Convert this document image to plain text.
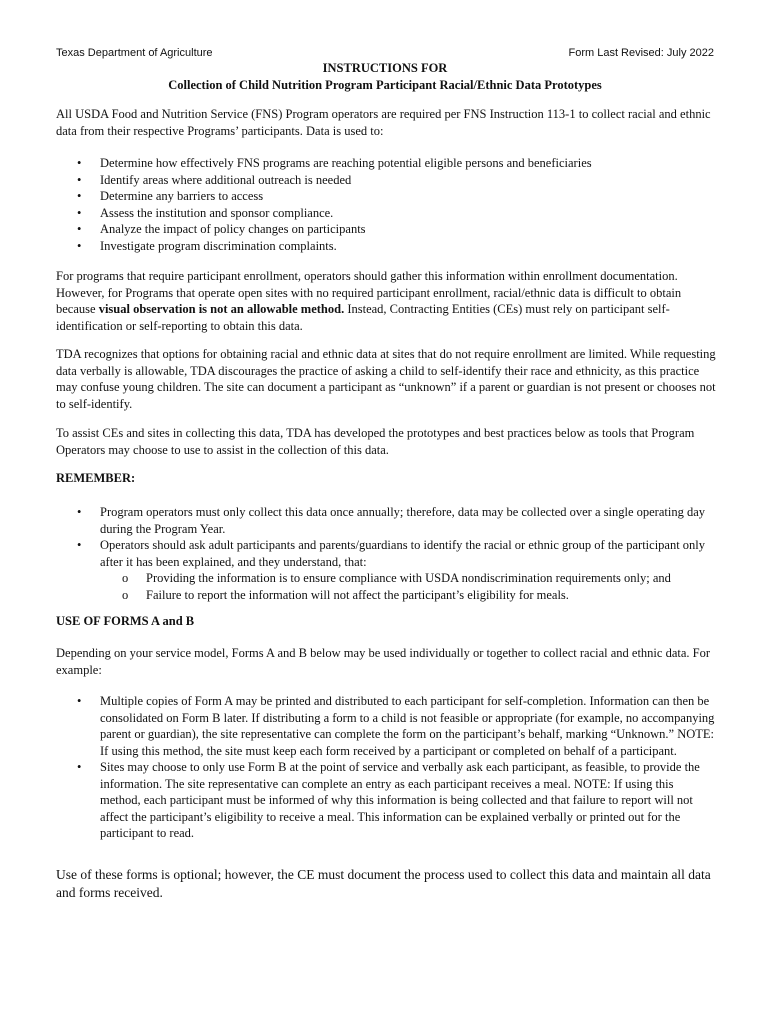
Texas Department of Agriculture	Form Last Revised: July 2022
INSTRUCTIONS FOR
Collection of Child Nutrition Program Participant Racial/Ethnic Data Prototypes

All USDA Food and Nutrition Service (FNS) Program operators are required per FNS Instruction 113-1 to collect racial and ethnic data from their respective Programs’ participants. Data is used to:

• Determine how effectively FNS programs are reaching potential eligible persons and beneficiaries
• Identify areas where additional outreach is needed
• Determine any barriers to access
• Assess the institution and sponsor compliance.
• Analyze the impact of policy changes on participants
• Investigate program discrimination complaints.

For programs that require participant enrollment, operators should gather this information within enrollment documentation. However, for Programs that operate open sites with no required participant enrollment, racial/ethnic data is difficult to obtain because visual observation is not an allowable method. Instead, Contracting Entities (CEs) must rely on participant self-identification or self-reporting to obtain this data.

TDA recognizes that options for obtaining racial and ethnic data at sites that do not require enrollment are limited. While requesting data verbally is allowable, TDA discourages the practice of asking a child to self-identify their race and ethnicity, as this practice may confuse young children. The site can document a participant as “unknown” if a parent or guardian is not present or chooses not to self-identify.

To assist CEs and sites in collecting this data, TDA has developed the prototypes and best practices below as tools that Program Operators may choose to use to assist in the collection of this data.

REMEMBER:
• Program operators must only collect this data once annually; therefore, data may be collected over a single operating day during the Program Year.
• Operators should ask adult participants and parents/guardians to identify the racial or ethnic group of the participant only after it has been explained, and they understand, that:
o Providing the information is to ensure compliance with USDA nondiscrimination requirements only; and
o Failure to report the information will not affect the participant’s eligibility for meals.
USE OF FORMS A and B

Depending on your service model, Forms A and B below may be used individually or together to collect racial and ethnic data. For example:

• Multiple copies of Form A may be printed and distributed to each participant for self-completion. Information can then be consolidated on Form B later. If distributing a form to a child is not feasible or appropriate (for example, no accompanying parent or guardian), the site representative can complete the form on the participant’s behalf, marking “Unknown.” NOTE: If using this method, the site must keep each form received by a participant or completed on behalf of a participant.
• Sites may choose to only use Form B at the point of service and verbally ask each participant, as feasible, to provide the information. The site representative can complete an entry as each participant receives a meal. NOTE: If using this method, each participant must be informed of why this information is being collected and that failure to report will not affect the participant’s eligibility to receive a meal. This information can be explained verbally or printed out for the participant to read.

Use of these forms is optional; however, the CE must document the process used to collect this data and maintain all data and forms received.
